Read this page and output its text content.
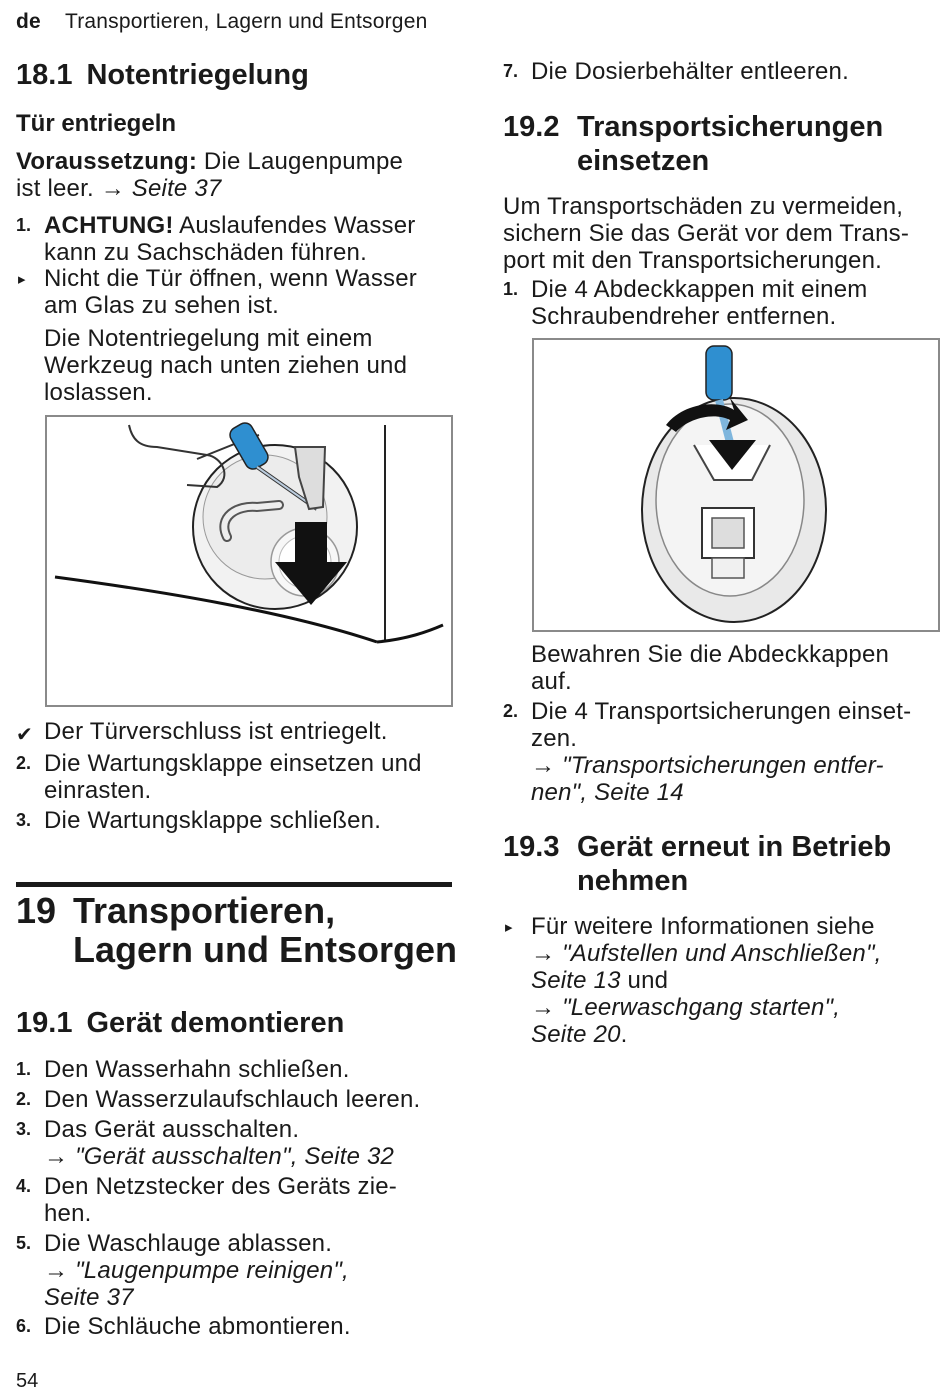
de Transportieren, Lagern und Entsorgen
18.1 Notentriegelung
Tür entriegeln
Voraussetzung: Die Laugenpumpe
ist leer. → Seite 37
1. ACHTUNG! Auslaufendes Wasser
kann zu Sachschäden führen.
▸ Nicht die Tür öffnen, wenn Wasser
am Glas zu sehen ist.
Die Notentriegelung mit einem
Werkzeug nach unten ziehen und
loslassen.
✔ Der Türverschluss ist entriegelt.
2. Die Wartungsklappe einsetzen und
einrasten.
3. Die Wartungsklappe schließen.
19 Transportieren,
Lagern und Entsorgen
19.1 Gerät demontieren
1. Den Wasserhahn schließen.
2. Den Wasserzulaufschlauch leeren.
3. Das Gerät ausschalten.
→ "Gerät ausschalten", Seite 32
4. Den Netzstecker des Geräts zie-
hen.
5. Die Waschlauge ablassen.
→ "Laugenpumpe reinigen",
Seite 37
6. Die Schläuche abmontieren.
54
7. Die Dosierbehälter entleeren.
19.2 Transportsicherungen
einsetzen
Um Transportschäden zu vermeiden,
sichern Sie das Gerät vor dem Trans-
port mit den Transportsicherungen.
1. Die 4 Abdeckkappen mit einem
Schraubendreher entfernen.
Bewahren Sie die Abdeckkappen
auf.
2. Die 4 Transportsicherungen einset-
zen.
→ "Transportsicherungen entfer-
nen", Seite 14
19.3 Gerät erneut in Betrieb
nehmen
▸ Für weitere Informationen siehe
→ "Aufstellen und Anschließen",
Seite 13 und
→ "Leerwaschgang starten",
Seite 20.
